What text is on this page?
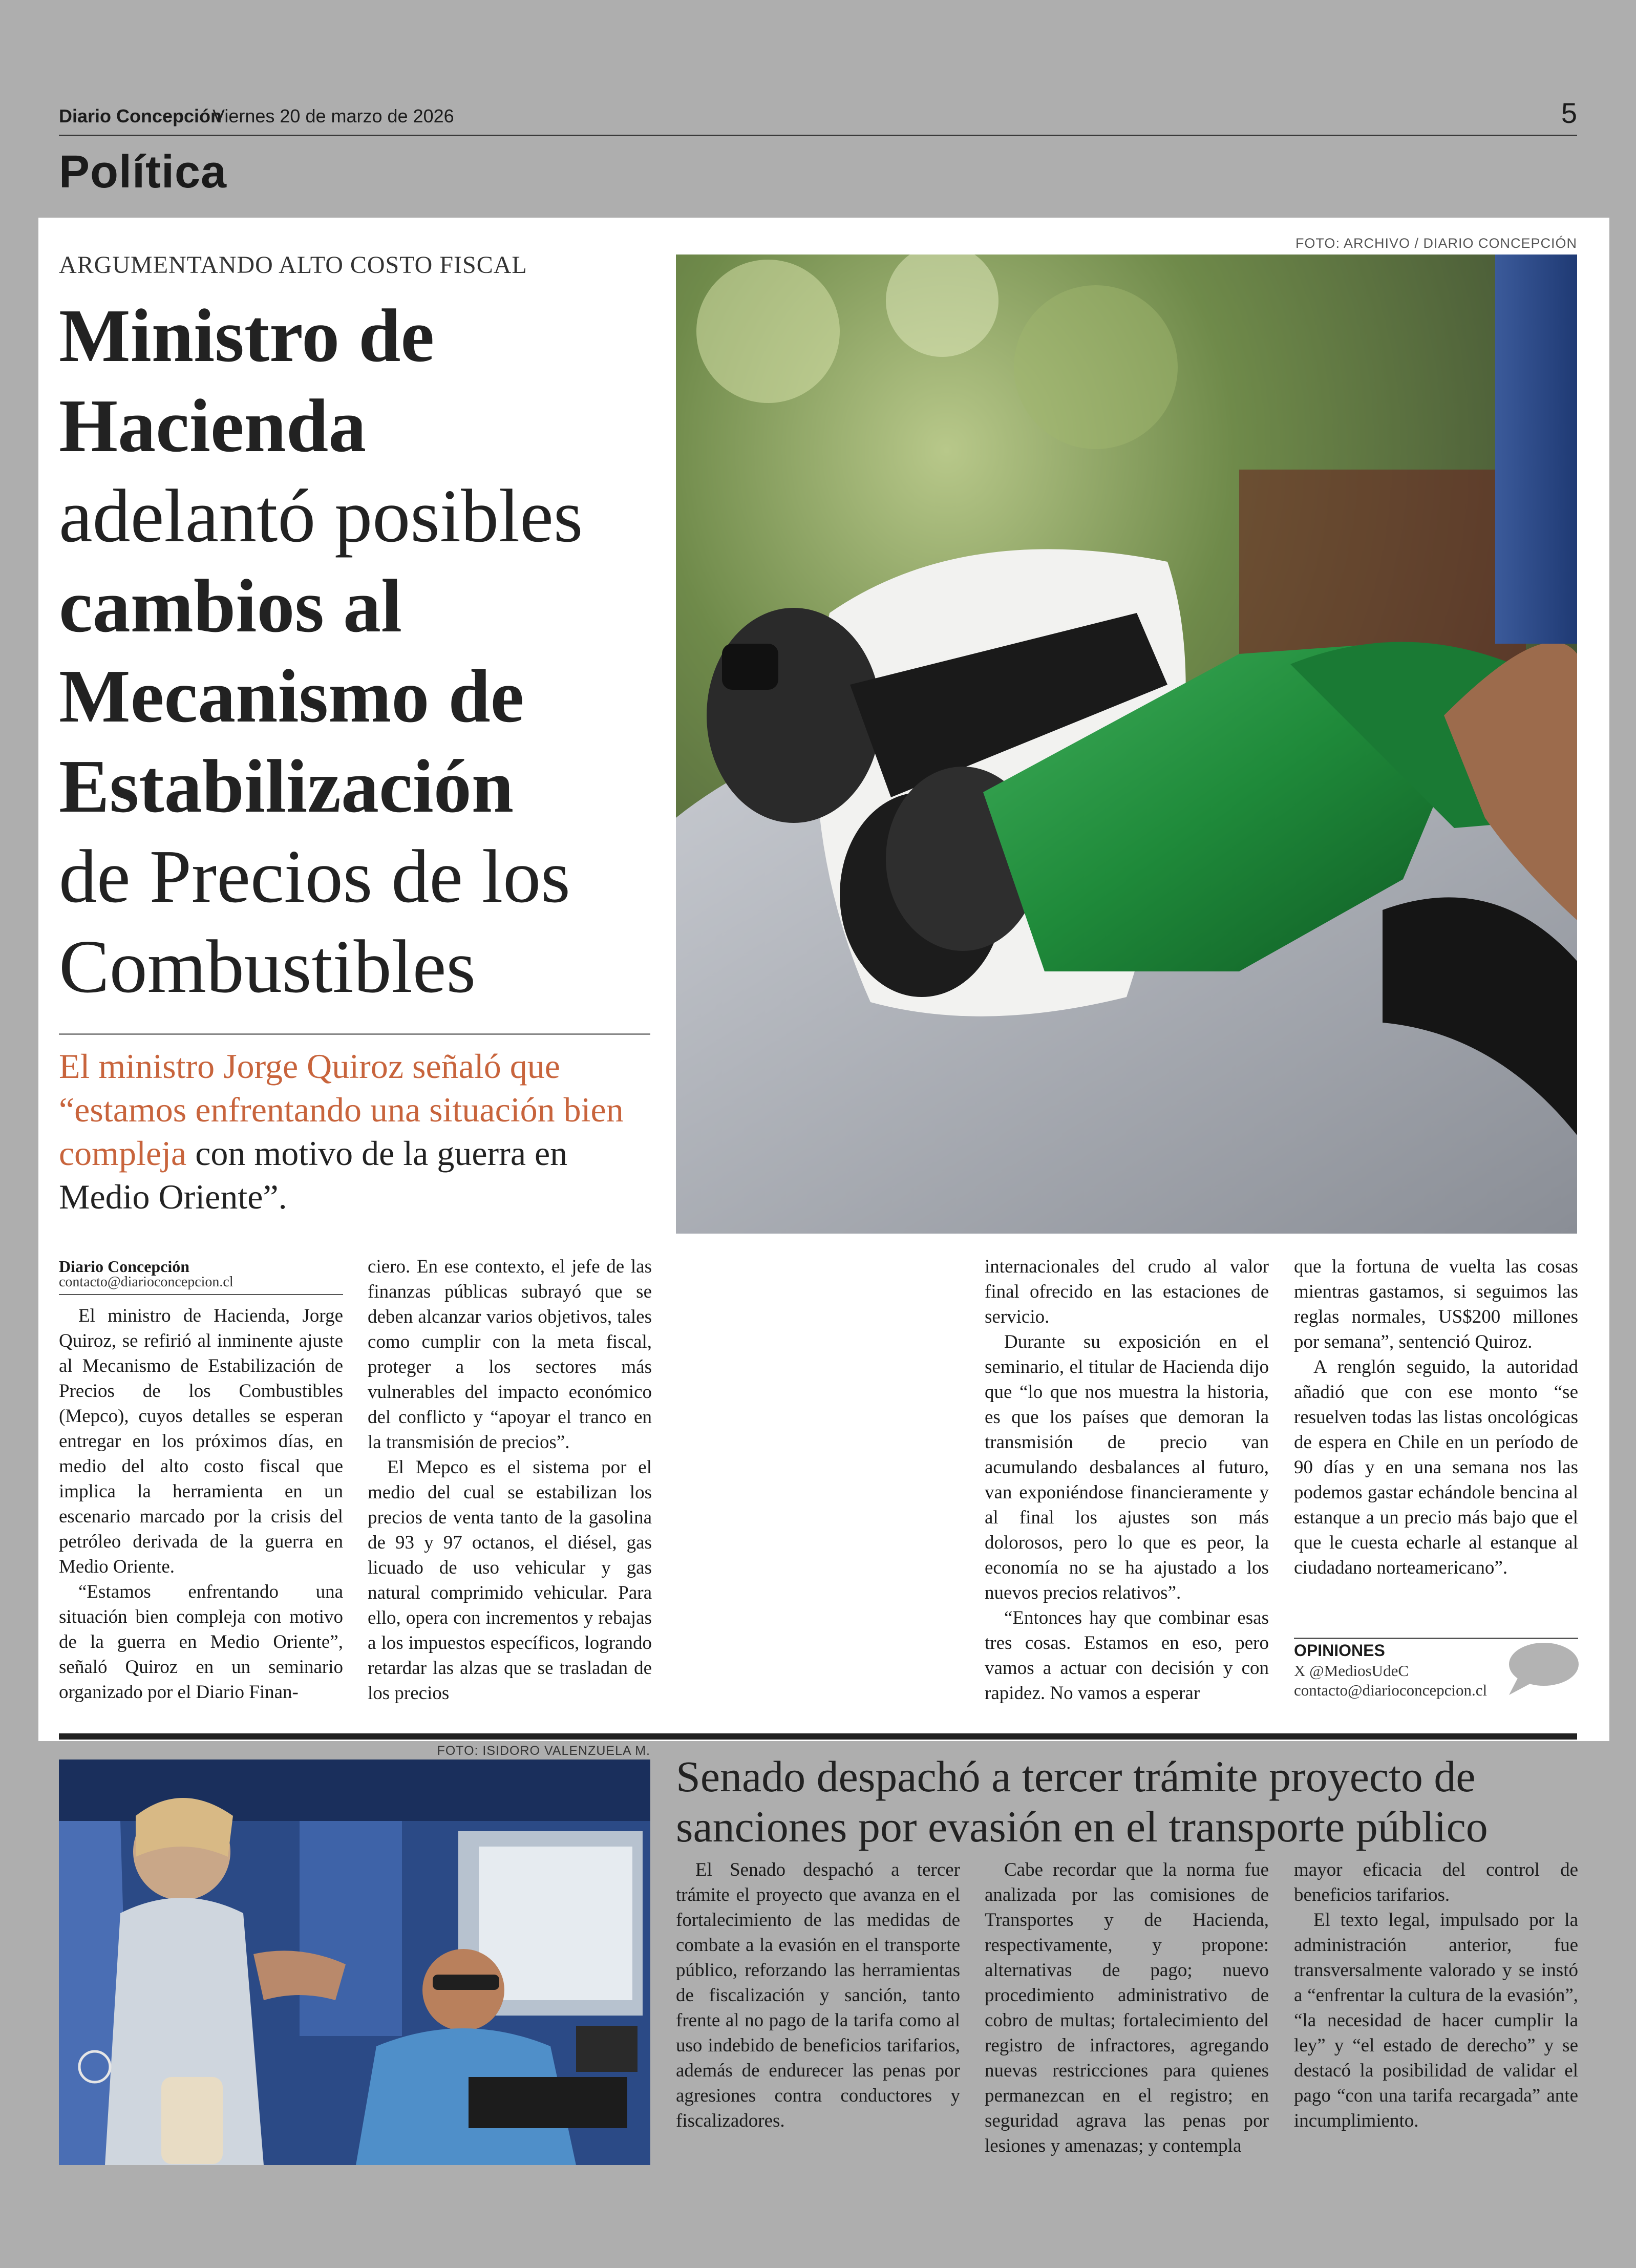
Diario Concepción
Viernes 20 de marzo de 2026	5
Política
ARGUMENTANDO ALTO COSTO FISCAL
Ministro de
Hacienda
adelantó posibles
cambios al
Mecanismo de
Estabilización
de Precios de los
Combustibles
El ministro Jorge Quiroz señaló que “estamos enfrentando una situación bien compleja con motivo de la guerra en Medio Oriente”.
FOTO: ARCHIVO / DIARIO CONCEPCIÓN
Diario Concepción
contacto@diarioconcepcion.cl

El ministro de Hacienda, Jorge Quiroz, se refirió al inminente ajuste al Mecanismo de Estabilización de Precios de los Combustibles (Mepco), cuyos detalles se esperan entregar en los próximos días, en medio del alto costo fiscal que implica la herramienta en un escenario marcado por la crisis del petróleo derivada de la guerra en Medio Oriente.

“Estamos enfrentando una situación bien compleja con motivo de la guerra en Medio Oriente”, señaló Quiroz en un seminario organizado por el Diario Finan-

ciero. En ese contexto, el jefe de las finanzas públicas subrayó que se deben alcanzar varios objetivos, tales como cumplir con la meta fiscal, proteger a los sectores más vulnerables del impacto económico del conflicto y “apoyar el tranco en la transmisión de precios”.

El Mepco es el sistema por el medio del cual se estabilizan los precios de venta tanto de la gasolina de 93 y 97 octanos, el diésel, gas licuado de uso vehicular y gas natural comprimido vehicular. Para ello, opera con incrementos y rebajas a los impuestos específicos, logrando retardar las alzas que se trasladan de los precios

internacionales del crudo al valor final ofrecido en las estaciones de servicio.

Durante su exposición en el seminario, el titular de Hacienda dijo que “lo que nos muestra la historia, es que los países que demoran la transmisión de precio van acumulando desbalances al futuro, van exponiéndose financieramente y al final los ajustes son más dolorosos, pero lo que es peor, la economía no se ha ajustado a los nuevos precios relativos”.

“Entonces hay que combinar esas tres cosas. Estamos en eso, pero vamos a actuar con decisión y con rapidez. No vamos a esperar

que la fortuna de vuelta las cosas mientras gastamos, si seguimos las reglas normales, US$200 millones por semana”, sentenció Quiroz.

A renglón seguido, la autoridad añadió que con ese monto “se resuelven todas las listas oncológicas de espera en Chile en un período de 90 días y en una semana nos las podemos gastar echándole bencina al estanque a un precio más bajo que el que le cuesta echarle al estanque al ciudadano norteamericano”.

OPINIONES
X @MediosUdeC
contacto@diarioconcepcion.cl
FOTO: ISIDORO VALENZUELA M.
Senado despachó a tercer trámite proyecto de sanciones por evasión en el transporte público

El Senado despachó a tercer trámite el proyecto que avanza en el fortalecimiento de las medidas de combate a la evasión en el transporte público, reforzando las herramientas de fiscalización y sanción, tanto frente al no pago de la tarifa como al uso indebido de beneficios tarifarios, además de endurecer las penas por agresiones contra conductores y fiscalizadores.

Cabe recordar que la norma fue analizada por las comisiones de Transportes y de Hacienda, respectivamente, y propone: alternativas de pago; nuevo procedimiento administrativo de cobro de multas; fortalecimiento del registro de infractores, agregando nuevas restricciones para quienes permanezcan en el registro; en seguridad agrava las penas por lesiones y amenazas; y contempla

mayor eficacia del control de beneficios tarifarios.

El texto legal, impulsado por la administración anterior, fue transversalmente valorado y se instó a “enfrentar la cultura de la evasión”, “la necesidad de hacer cumplir la ley” y “el estado de derecho” y se destacó la posibilidad de validar el pago “con una tarifa recargada” ante incumplimiento.
